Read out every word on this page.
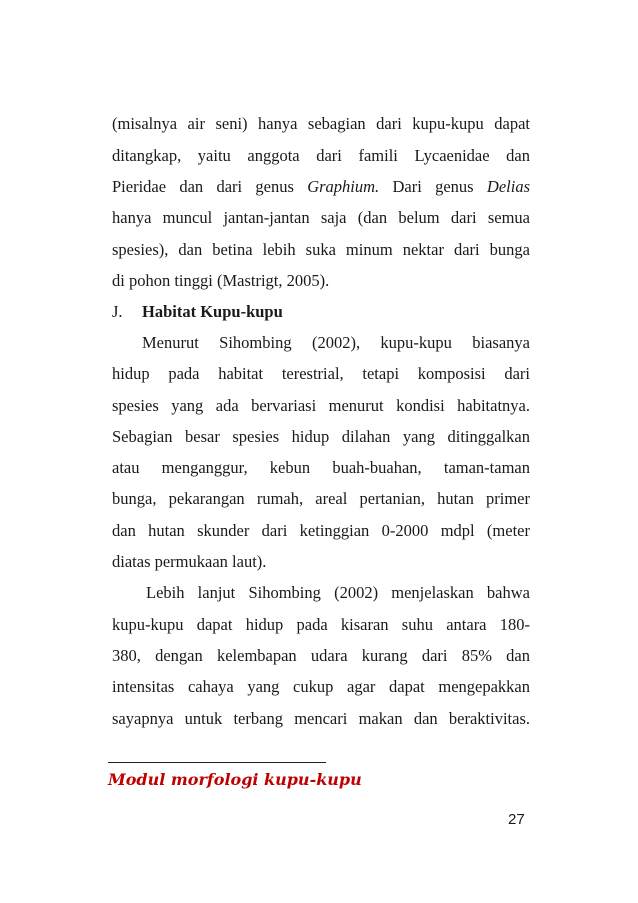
(misalnya air seni) hanya sebagian dari kupu-kupu dapat
ditangkap, yaitu anggota dari famili Lycaenidae dan
Pieridae dan dari genus Graphium. Dari genus Delias
hanya muncul jantan-jantan saja (dan belum dari semua
spesies), dan betina lebih suka minum nektar dari bunga
J. Habitat Kupu-kupu
Menurut Sihombing (2002), kupu-kupu biasanya
hidup pada habitat terestrial, tetapi komposisi dari
spesies yang ada bervariasi menurut kondisi habitatnya.
Sebagian besar spesies hidup dilahan yang ditinggalkan
atau menganggur, kebun buah-buahan, taman-taman
bunga, pekarangan rumah, areal pertanian, hutan primer
dan hutan skunder dari ketinggian 0-2000 mdpl (meter
diatas permukaan laut).
Lebih lanjut Sihombing (2002) menjelaskan bahwa
kupu-kupu dapat hidup pada kisaran suhu antara 180-
380, dengan kelembapan udara kurang dari 85% dan
Modul morfologi kupu-kupu
27
di pohon tinggi (Mastrigt, 2005).
intensitas cahaya yang cukup agar dapat mengepakkan
sayapnya untuk terbang mencari makan dan beraktivitas.
